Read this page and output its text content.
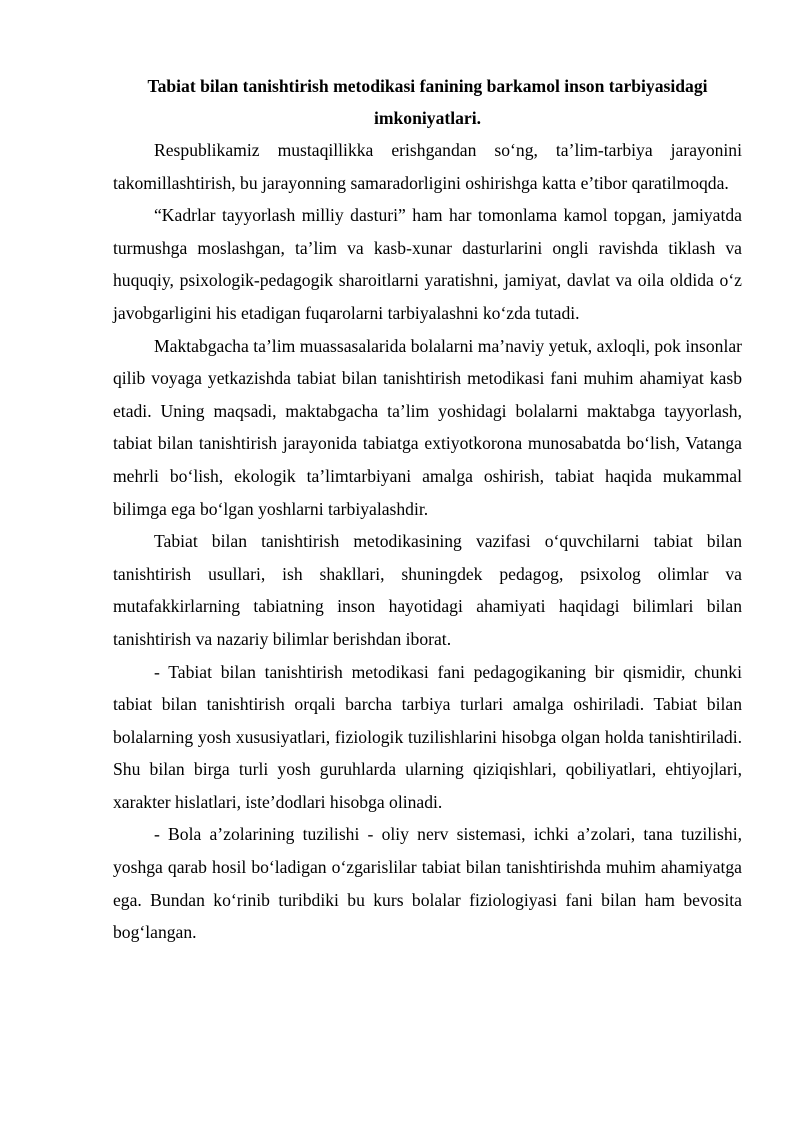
Tabiat bilan tanishtirish metodikasi fanining barkamol inson tarbiyasidagi imkoniyatlari.

Respublikamiz mustaqillikka erishgandan so‘ng, ta’lim-tarbiya jarayonini takomillashtirish, bu jarayonning samaradorligini oshirishga katta e’tibor qaratilmoqda.

“Kadrlar tayyorlash milliy dasturi” ham har tomonlama kamol topgan, jamiyatda turmushga moslashgan, ta’lim va kasb-xunar dasturlarini ongli ravishda tiklash va huquqiy, psixologik-pedagogik sharoitlarni yaratishni, jamiyat, davlat va oila oldida o‘z javobgarligini his etadigan fuqarolarni tarbiyalashni ko‘zda tutadi.

Maktabgacha ta’lim muassasalarida bolalarni ma’naviy yetuk, axloqli, pok insonlar qilib voyaga yetkazishda tabiat bilan tanishtirish metodikasi fani muhim ahamiyat kasb etadi. Uning maqsadi, maktabgacha ta’lim yoshidagi bolalarni maktabga tayyorlash, tabiat bilan tanishtirish jarayonida tabiatga extiyotkorona munosabatda bo‘lish, Vatanga mehrli bo‘lish, ekologik ta’limtarbiyani amalga oshirish, tabiat haqida mukammal bilimga ega bo‘lgan yoshlarni tarbiyalashdir.

Tabiat bilan tanishtirish metodikasining vazifasi o‘quvchilarni tabiat bilan tanishtirish usullari, ish shakllari, shuningdek pedagog, psixolog olimlar va mutafakkirlarning tabiatning inson hayotidagi ahamiyati haqidagi bilimlari bilan tanishtirish va nazariy bilimlar berishdan iborat.

- Tabiat bilan tanishtirish metodikasi fani pedagogikaning bir qismidir, chunki tabiat bilan tanishtirish orqali barcha tarbiya turlari amalga oshiriladi. Tabiat bilan bolalarning yosh xususiyatlari, fiziologik tuzilishlarini hisobga olgan holda tanishtiriladi. Shu bilan birga turli yosh guruhlarda ularning qiziqishlari, qobiliyatlari, ehtiyojlari, xarakter hislatlari, iste’dodlari hisobga olinadi.

- Bola a’zolarining tuzilishi - oliy nerv sistemasi, ichki a’zolari, tana tuzilishi, yoshga qarab hosil bo‘ladigan o‘zgarislilar tabiat bilan tanishtirishda muhim ahamiyatga ega. Bundan ko‘rinib turibdiki bu kurs bolalar fiziologiyasi fani bilan ham bevosita bog‘langan.
